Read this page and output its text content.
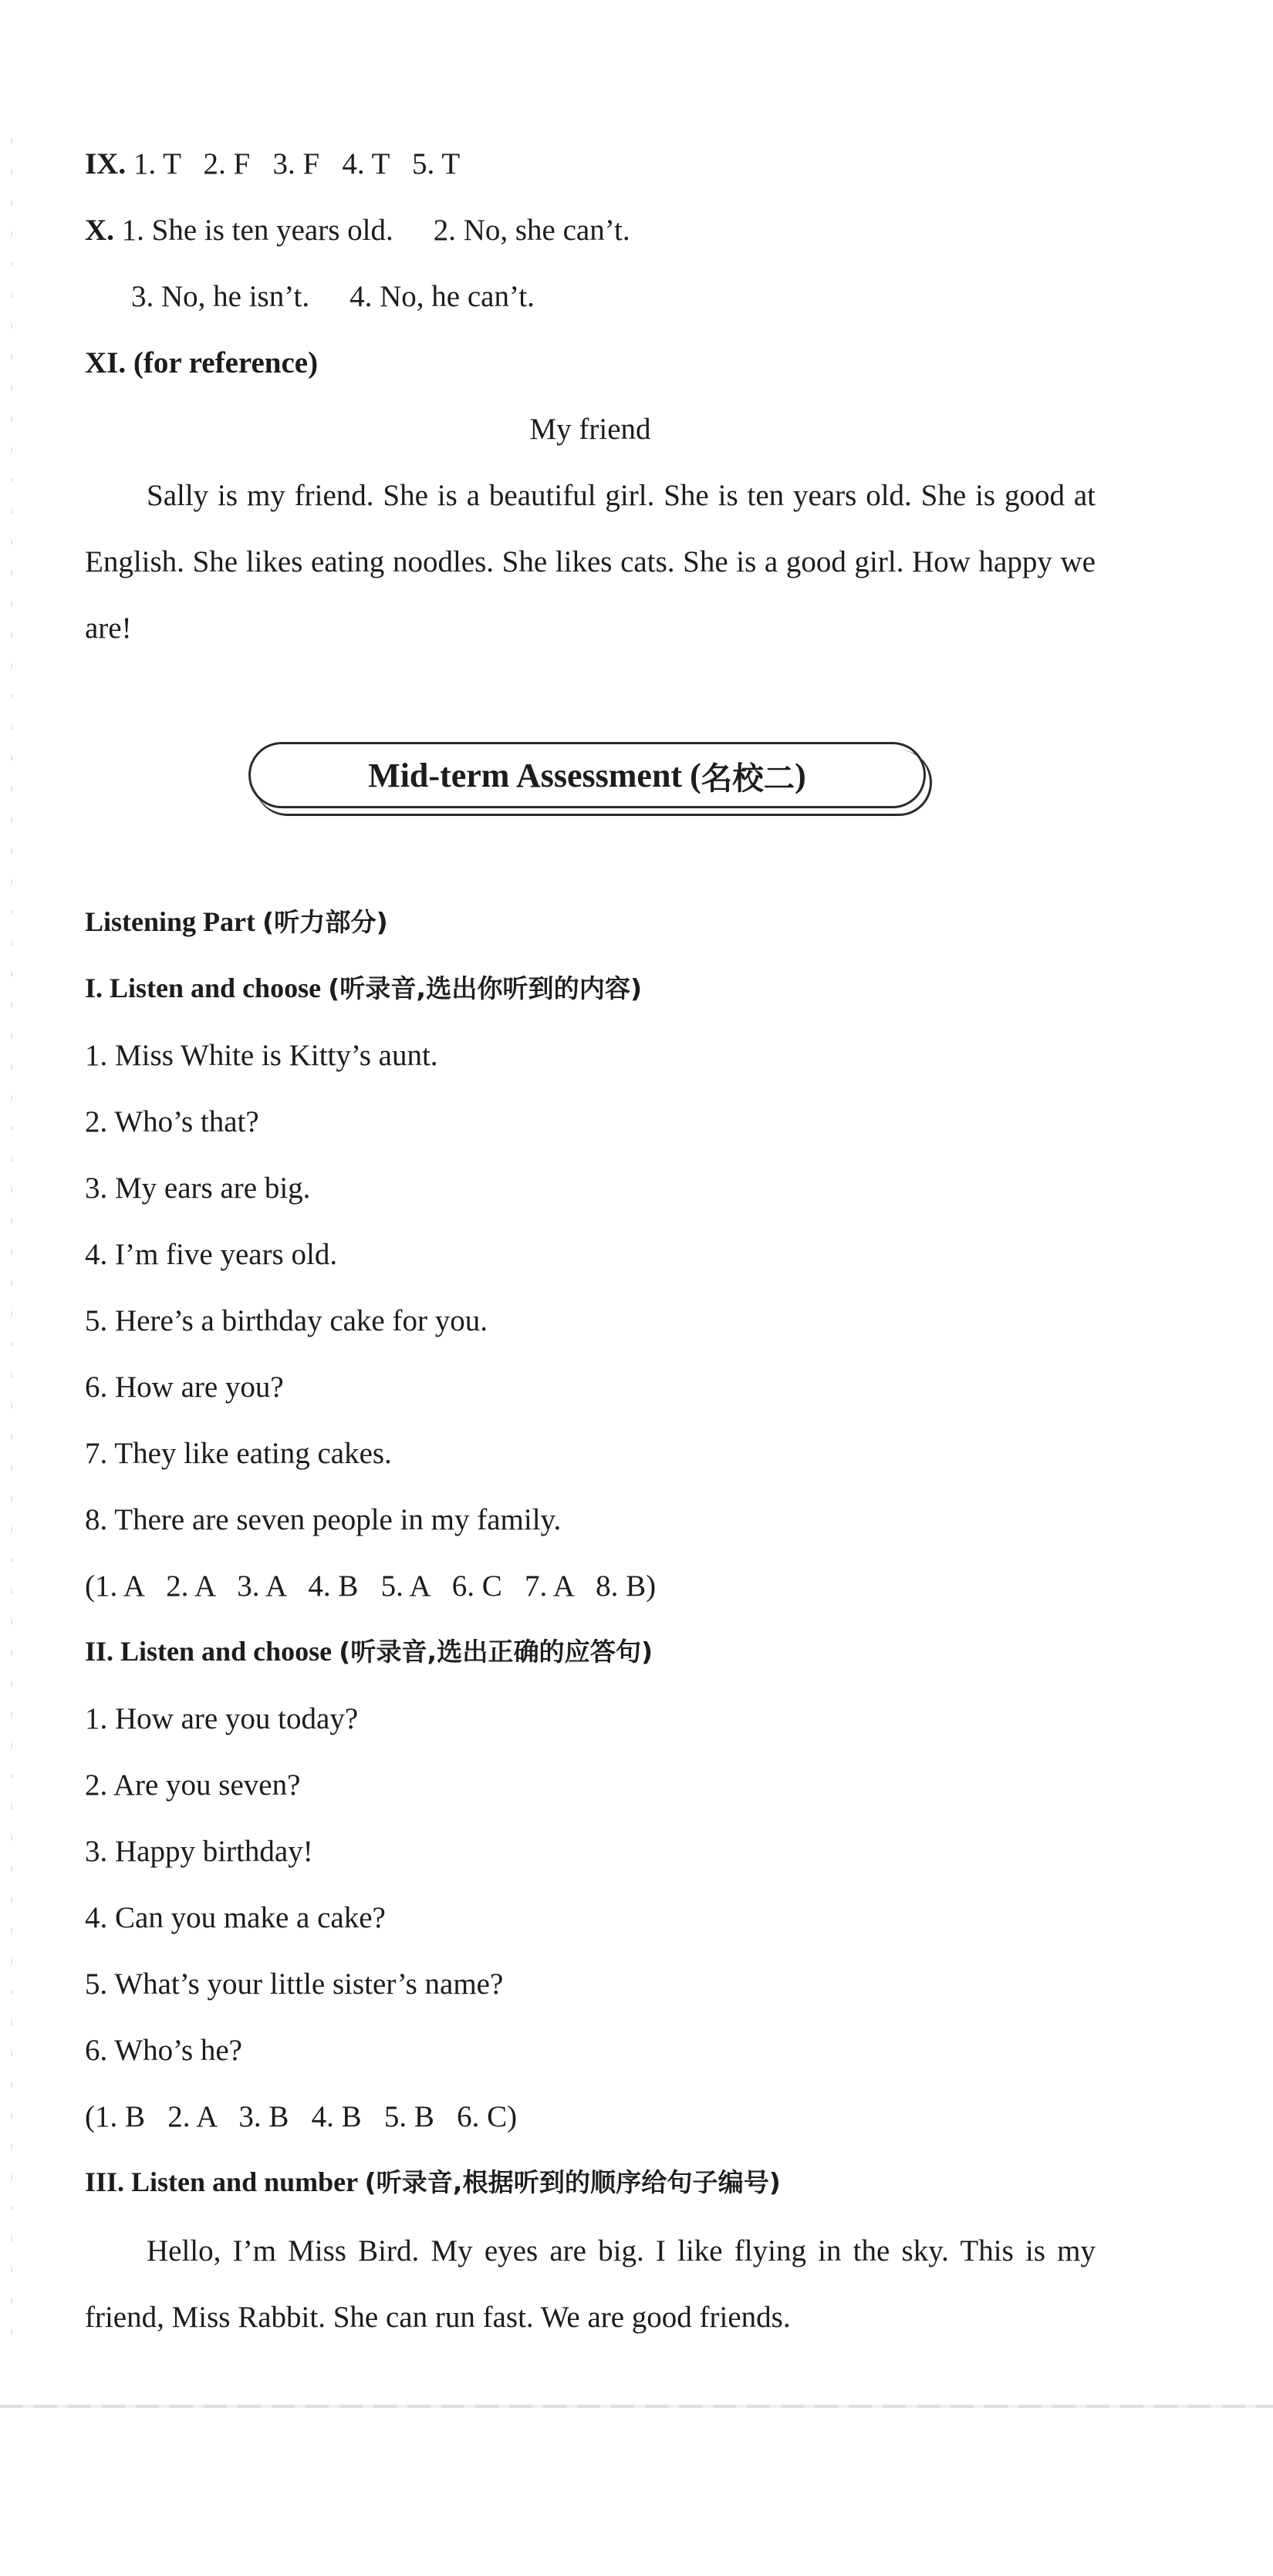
IX. 1. T   2. F   3. F   4. T   5. T
X. 1. She is ten years old. 2. No, she can’t.
3. No, he isn’t. 4. No, he can’t.
XI. (for reference)
My friend
Sally is my friend. She is a beautiful girl. She is ten years old. She is good at English. She likes eating noodles. She likes cats. She is a good girl. How happy we are!
Mid-term Assessment ( 名校二 )
Listening Part (听力部分)
I. Listen and choose (听录音,选出你听到的内容)
1. Miss White is Kitty’s aunt.
2. Who’s that?
3. My ears are big.
4. I’m five years old.
5. Here’s a birthday cake for you.
6. How are you?
7. They like eating cakes.
8. There are seven people in my family.
(1. A   2. A   3. A   4. B   5. A   6. C   7. A   8. B)
II. Listen and choose (听录音,选出正确的应答句)
1. How are you today?
2. Are you seven?
3. Happy birthday!
4. Can you make a cake?
5. What’s your little sister’s name?
6. Who’s he?
(1. B   2. A   3. B   4. B   5. B   6. C)
III. Listen and number (听录音,根据听到的顺序给句子编号)
Hello, I’m Miss Bird. My eyes are big. I like flying in the sky. This is my friend, Miss Rabbit. She can run fast. We are good friends.
